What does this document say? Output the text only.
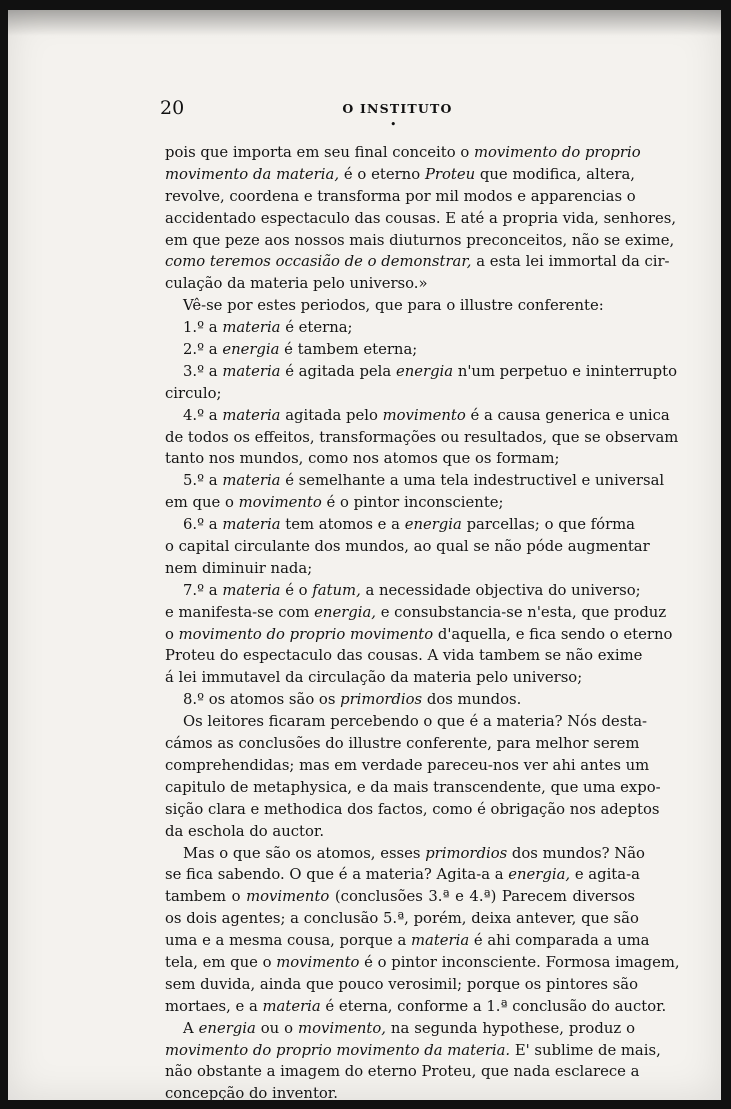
20	O INSTITUTO
•
pois que importa em seu final conceito o movimento do proprio
movimento da materia, é o eterno Proteu que modifica, altera,
revolve, coordena e transforma por mil modos e apparencias o
accidentado espectaculo das cousas. E até a propria vida, senhores,
em que peze aos nossos mais diuturnos preconceitos, não se exime,
como teremos occasião de o demonstrar, a esta lei immortal da cir-
culação da materia pelo universo.»
Vê-se por estes periodos, que para o illustre conferente:
1.º a materia é eterna;
2.º a energia é tambem eterna;
3.º a materia é agitada pela energia n'um perpetuo e ininterrupto
circulo;
4.º a materia agitada pelo movimento é a causa generica e unica
de todos os effeitos, transformações ou resultados, que se observam
tanto nos mundos, como nos atomos que os formam;
5.º a materia é semelhante a uma tela indestructivel e universal
em que o movimento é o pintor inconsciente;
6.º a materia tem atomos e a energia parcellas; o que fórma
o capital circulante dos mundos, ao qual se não póde augmentar
nem diminuir nada;
7.º a materia é o fatum, a necessidade objectiva do universo;
e manifesta-se com energia, e consubstancia-se n'esta, que produz
o movimento do proprio movimento d'aquella, e fica sendo o eterno
Proteu do espectaculo das cousas. A vida tambem se não exime
á lei immutavel da circulação da materia pelo universo;
8.º os atomos são os primordios dos mundos.
Os leitores ficaram percebendo o que é a materia? Nós desta-
cámos as conclusões do illustre conferente, para melhor serem
comprehendidas; mas em verdade pareceu-nos ver ahi antes um
capitulo de metaphysica, e da mais transcendente, que uma expo-
sição clara e methodica dos factos, como é obrigação nos adeptos
da eschola do auctor.
Mas o que são os atomos, esses primordios dos mundos? Não
se fica sabendo. O que é a materia? Agita-a a energia, e agita-a
tambem o movimento (conclusões 3.ª e 4.ª) Parecem diversos
os dois agentes; a conclusão 5.ª, porém, deixa antever, que são
uma e a mesma cousa, porque a materia é ahi comparada a uma
tela, em que o movimento é o pintor inconsciente. Formosa imagem,
sem duvida, ainda que pouco verosimil; porque os pintores são
mortaes, e a materia é eterna, conforme a 1.ª conclusão do auctor.
A energia ou o movimento, na segunda hypothese, produz o
movimento do proprio movimento da materia. E' sublime de mais,
não obstante a imagem do eterno Proteu, que nada esclarece a
concepção do inventor.
